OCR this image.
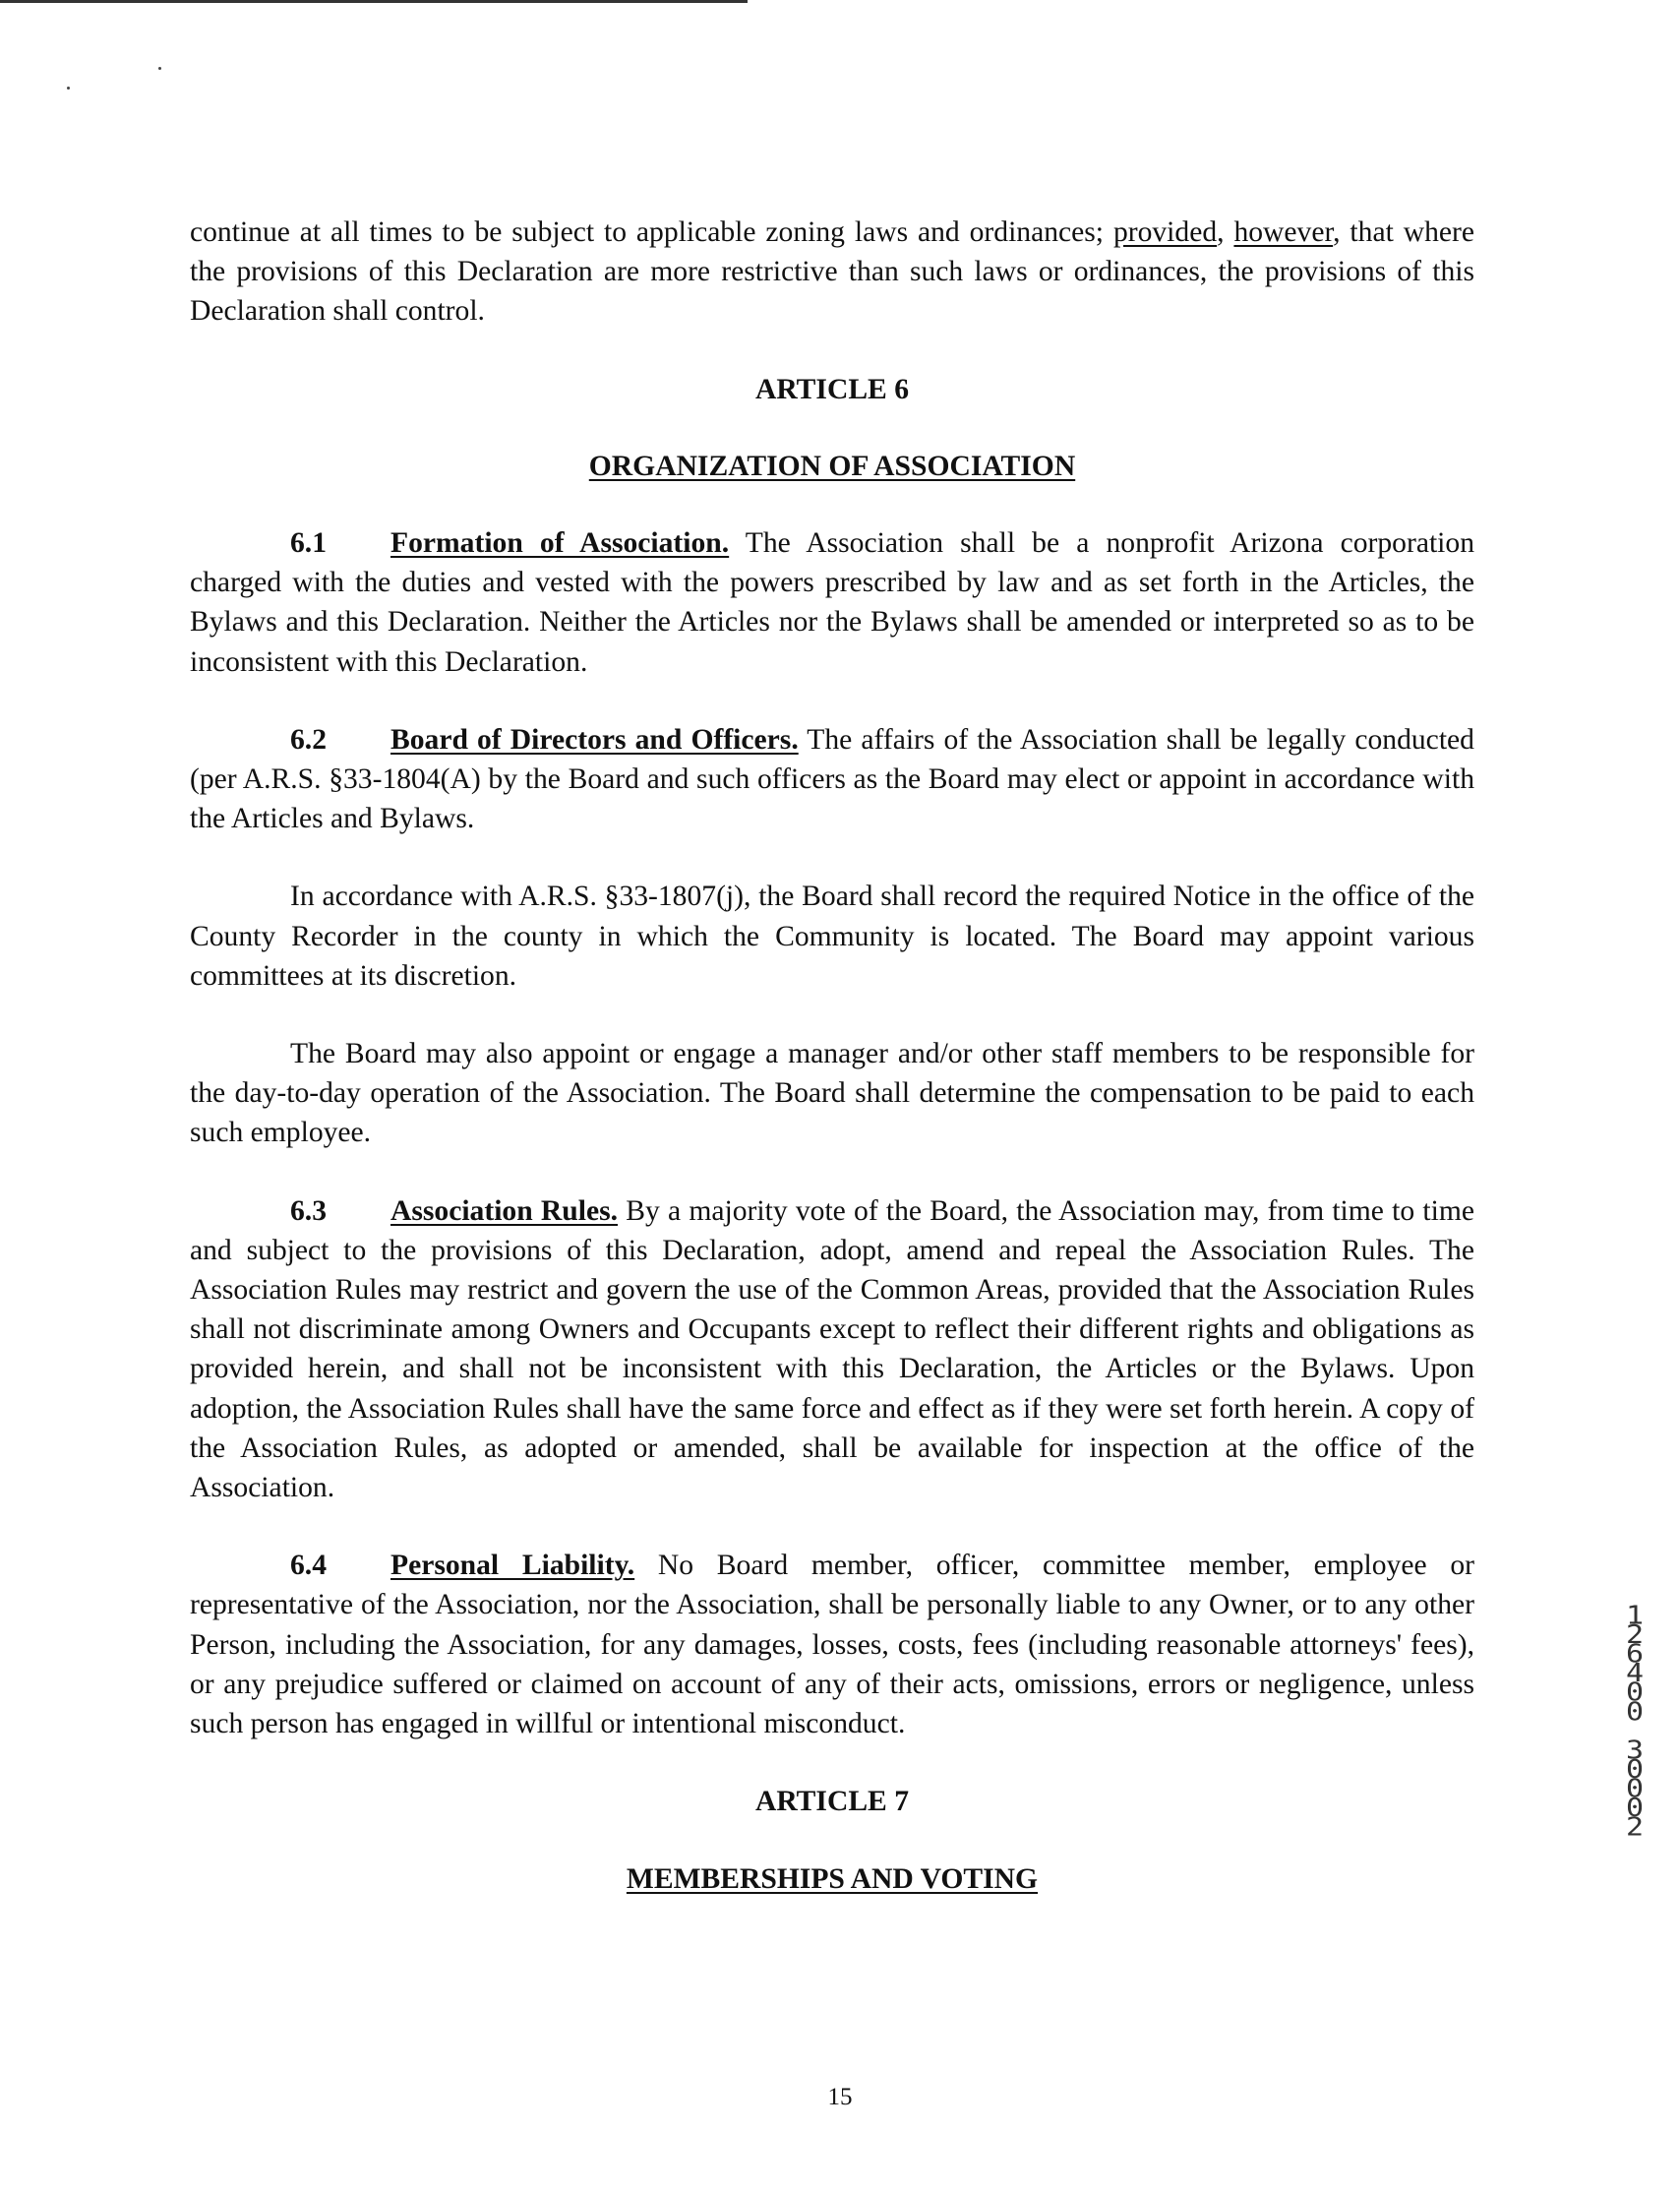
continue at all times to be subject to applicable zoning laws and ordinances; provided, however, that where the provisions of this Declaration are more restrictive than such laws or ordinances, the provisions of this Declaration shall control.

ARTICLE 6

ORGANIZATION OF ASSOCIATION

6.1 Formation of Association. The Association shall be a nonprofit Arizona corporation charged with the duties and vested with the powers prescribed by law and as set forth in the Articles, the Bylaws and this Declaration. Neither the Articles nor the Bylaws shall be amended or interpreted so as to be inconsistent with this Declaration.

6.2 Board of Directors and Officers. The affairs of the Association shall be legally conducted (per A.R.S. §33-1804(A) by the Board and such officers as the Board may elect or appoint in accordance with the Articles and Bylaws.

In accordance with A.R.S. §33-1807(j), the Board shall record the required Notice in the office of the County Recorder in the county in which the Community is located. The Board may appoint various committees at its discretion.

The Board may also appoint or engage a manager and/or other staff members to be responsible for the day-to-day operation of the Association. The Board shall determine the compensation to be paid to each such employee.

6.3 Association Rules. By a majority vote of the Board, the Association may, from time to time and subject to the provisions of this Declaration, adopt, amend and repeal the Association Rules. The Association Rules may restrict and govern the use of the Common Areas, provided that the Association Rules shall not discriminate among Owners and Occupants except to reflect their different rights and obligations as provided herein, and shall not be inconsistent with this Declaration, the Articles or the Bylaws. Upon adoption, the Association Rules shall have the same force and effect as if they were set forth herein. A copy of the Association Rules, as adopted or amended, shall be available for inspection at the office of the Association.

6.4 Personal Liability. No Board member, officer, committee member, employee or representative of the Association, nor the Association, shall be personally liable to any Owner, or to any other Person, including the Association, for any damages, losses, costs, fees (including reasonable attorneys' fees), or any prejudice suffered or claimed on account of any of their acts, omissions, errors or negligence, unless such person has engaged in willful or intentional misconduct.

ARTICLE 7

MEMBERSHIPS AND VOTING

1
2
6
4
0
0

3
0
0
0
2

15
